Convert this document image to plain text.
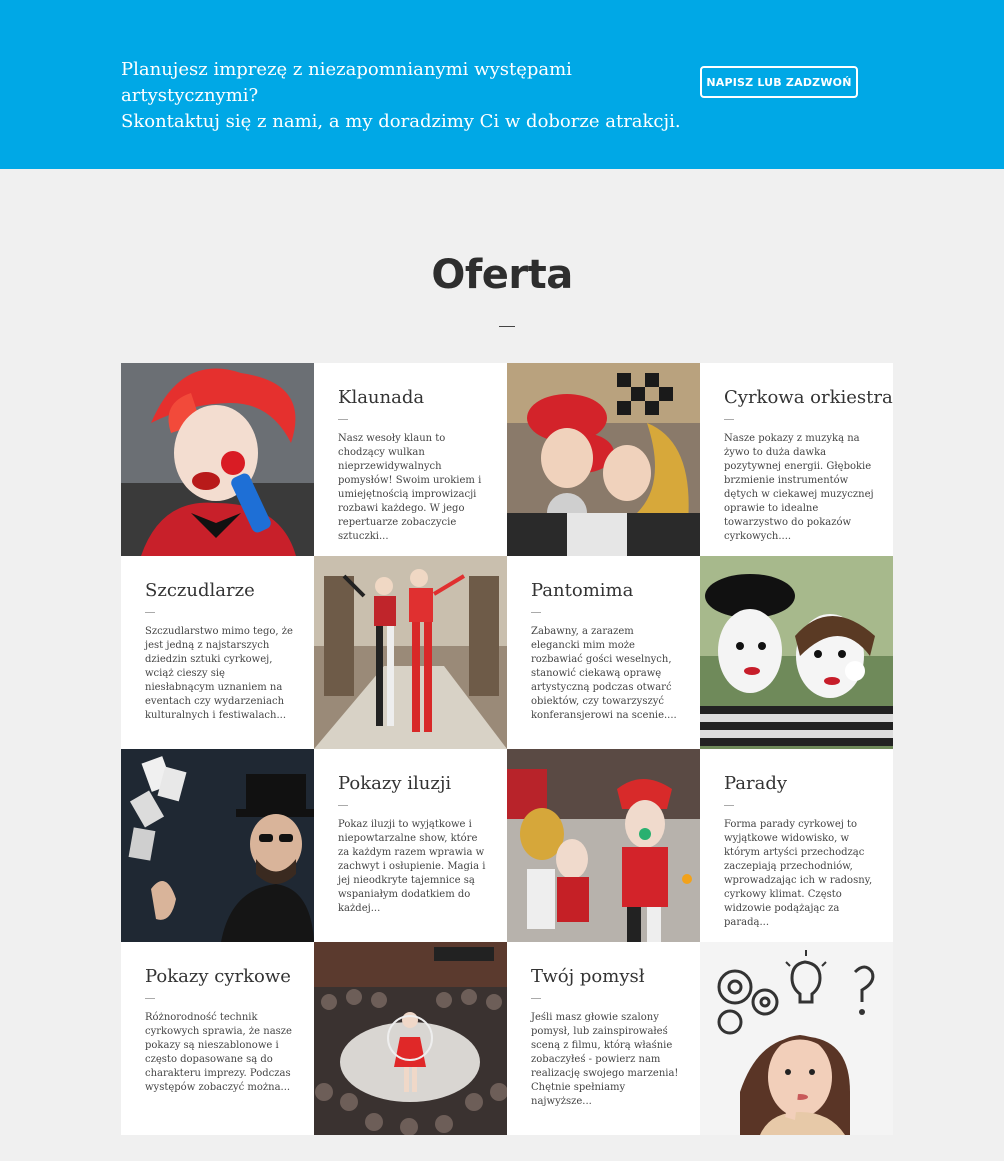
Planujesz imprezę z niezapomnianymi występami artystycznymi?
Skontaktuj się z nami, a my doradzimy Ci w doborze atrakcji.
NAPISZ LUB ZADZWOŃ
Oferta
Klaunada
Nasz wesoły klaun to chodzący wulkan nieprzewidywalnych pomysłów! Swoim urokiem i umiejętnością improwizacji rozbawi każdego. W jego repertuarze zobaczycie sztuczki...
Cyrkowa orkiestra
Nasze pokazy z muzyką na żywo to duża dawka pozytywnej energii. Głębokie brzmienie instrumentów dętych w ciekawej muzycznej oprawie to idealne towarzystwo do pokazów cyrkowych....
Szczudlarze
Szczudlarstwo mimo tego, że jest jedną z najstarszych dziedzin sztuki cyrkowej, wciąż cieszy się niesłabnącym uznaniem na eventach czy wydarzeniach kulturalnych i festiwalach...
Pantomima
Zabawny, a zarazem elegancki mim może rozbawiać gości weselnych, stanowić ciekawą oprawę artystyczną podczas otwarć obiektów, czy towarzyszyć konferansjerowi na scenie....
Pokazy iluzji
Pokaz iluzji to wyjątkowe i niepowtarzalne show, które za każdym razem wprawia w zachwyt i osłupienie. Magia i jej nieodkryte tajemnice są wspaniałym dodatkiem do każdej...
Parady
Forma parady cyrkowej to wyjątkowe widowisko, w którym artyści przechodząc zaczepiają przechodniów, wprowadzając ich w radosny, cyrkowy klimat. Często widzowie podążając za paradą...
Pokazy cyrkowe
Różnorodność technik cyrkowych sprawia, że nasze pokazy są nieszablonowe i często dopasowane są do charakteru imprezy. Podczas występów zobaczyć można...
Twój pomysł
Jeśli masz głowie szalony pomysł, lub zainspirowałeś sceną z filmu, którą właśnie zobaczyłeś - powierz nam realizację swojego marzenia! Chętnie spełniamy najwyższe...
